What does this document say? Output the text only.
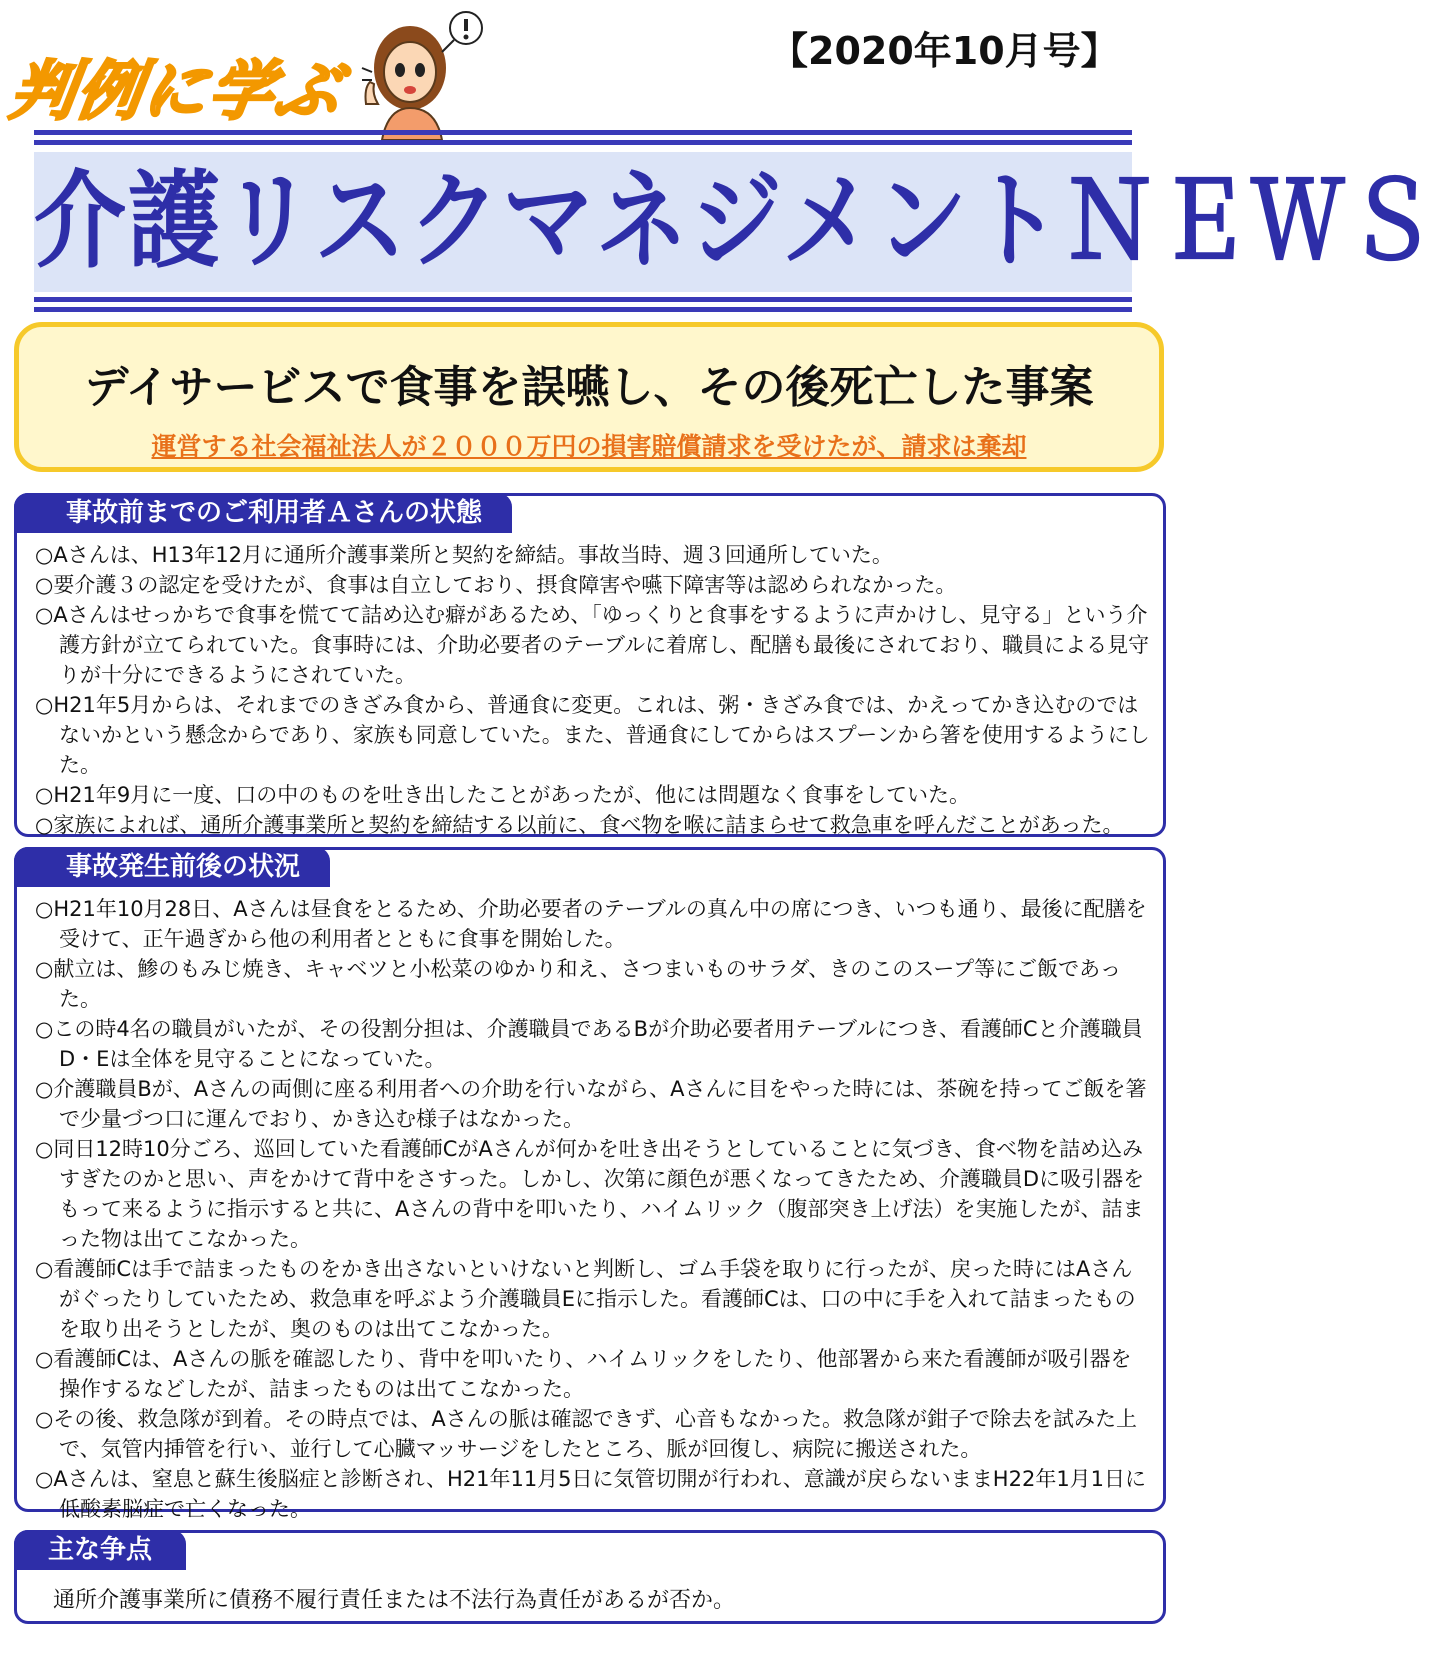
判例に学ぶ
【2020年10月号】
介護リスクマネジメントＮＥＷＳ
デイサービスで食事を誤嚥し、その後死亡した事案
運営する社会福祉法人が２０００万円の損害賠償請求を受けたが、請求は棄却
事故前までのご利用者Ａさんの状態
○Aさんは、H13年12月に通所介護事業所と契約を締結。事故当時、週３回通所していた。
○要介護３の認定を受けたが、食事は自立しており、摂食障害や嚥下障害等は認められなかった。
○Aさんはせっかちで食事を慌てて詰め込む癖があるため、「ゆっくりと食事をするように声かけし、見守る」という介護方針が立てられていた。食事時には、介助必要者のテーブルに着席し、配膳も最後にされており、職員による見守りが十分にできるようにされていた。
○H21年5月からは、それまでのきざみ食から、普通食に変更。これは、粥・きざみ食では、かえってかき込むのではないかという懸念からであり、家族も同意していた。また、普通食にしてからはスプーンから箸を使用するようにした。
○H21年9月に一度、口の中のものを吐き出したことがあったが、他には問題なく食事をしていた。
○家族によれば、通所介護事業所と契約を締結する以前に、食べ物を喉に詰まらせて救急車を呼んだことがあった。
事故発生前後の状況
○H21年10月28日、Aさんは昼食をとるため、介助必要者のテーブルの真ん中の席につき、いつも通り、最後に配膳を受けて、正午過ぎから他の利用者とともに食事を開始した。
○献立は、鯵のもみじ焼き、キャベツと小松菜のゆかり和え、さつまいものサラダ、きのこのスープ等にご飯であった。
○この時4名の職員がいたが、その役割分担は、介護職員であるBが介助必要者用テーブルにつき、看護師Cと介護職員D・Eは全体を見守ることになっていた。
○介護職員Bが、Aさんの両側に座る利用者への介助を行いながら、Aさんに目をやった時には、茶碗を持ってご飯を箸で少量づつ口に運んでおり、かき込む様子はなかった。
○同日12時10分ごろ、巡回していた看護師CがAさんが何かを吐き出そうとしていることに気づき、食べ物を詰め込みすぎたのかと思い、声をかけて背中をさすった。しかし、次第に顔色が悪くなってきたため、介護職員Dに吸引器をもって来るように指示すると共に、Aさんの背中を叩いたり、ハイムリック（腹部突き上げ法）を実施したが、詰まった物は出てこなかった。
○看護師Cは手で詰まったものをかき出さないといけないと判断し、ゴム手袋を取りに行ったが、戻った時にはAさんがぐったりしていたため、救急車を呼ぶよう介護職員Eに指示した。看護師Cは、口の中に手を入れて詰まったものを取り出そうとしたが、奥のものは出てこなかった。
○看護師Cは、Aさんの脈を確認したり、背中を叩いたり、ハイムリックをしたり、他部署から来た看護師が吸引器を操作するなどしたが、詰まったものは出てこなかった。
○その後、救急隊が到着。その時点では、Aさんの脈は確認できず、心音もなかった。救急隊が鉗子で除去を試みた上で、気管内挿管を行い、並行して心臓マッサージをしたところ、脈が回復し、病院に搬送された。
○Aさんは、窒息と蘇生後脳症と診断され、H21年11月5日に気管切開が行われ、意識が戻らないままH22年1月1日に低酸素脳症で亡くなった。
主な争点
通所介護事業所に債務不履行責任または不法行為責任があるが否か。
